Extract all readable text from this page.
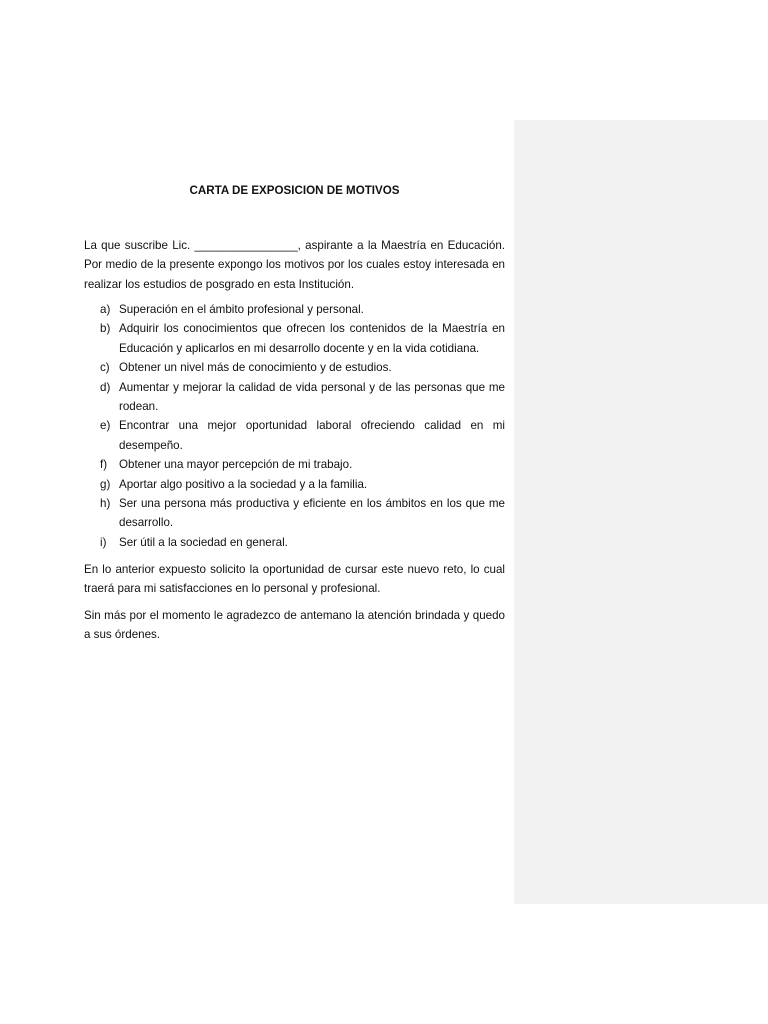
CARTA DE EXPOSICION DE MOTIVOS

La que suscribe Lic. ________________, aspirante a la Maestría en Educación. Por medio de la presente expongo los motivos por los cuales estoy interesada en realizar los estudios de posgrado en esta Institución.

a) Superación en el ámbito profesional y personal.
b) Adquirir los conocimientos que ofrecen los contenidos de la Maestría en Educación y aplicarlos en mi desarrollo docente y en la vida cotidiana.
c) Obtener un nivel más de conocimiento y de estudios.
d) Aumentar y mejorar la calidad de vida personal y de las personas que me rodean.
e) Encontrar una mejor oportunidad laboral ofreciendo calidad en mi desempeño.
f) Obtener una mayor percepción de mi trabajo.
g) Aportar algo positivo a la sociedad y a la familia.
h) Ser una persona más productiva y eficiente en los ámbitos en los que me desarrollo.
i) Ser útil a la sociedad en general.

En lo anterior expuesto solicito la oportunidad de cursar este nuevo reto, lo cual traerá para mi satisfacciones en lo personal y profesional.

Sin más por el momento le agradezco de antemano la atención brindada y quedo a sus órdenes.
